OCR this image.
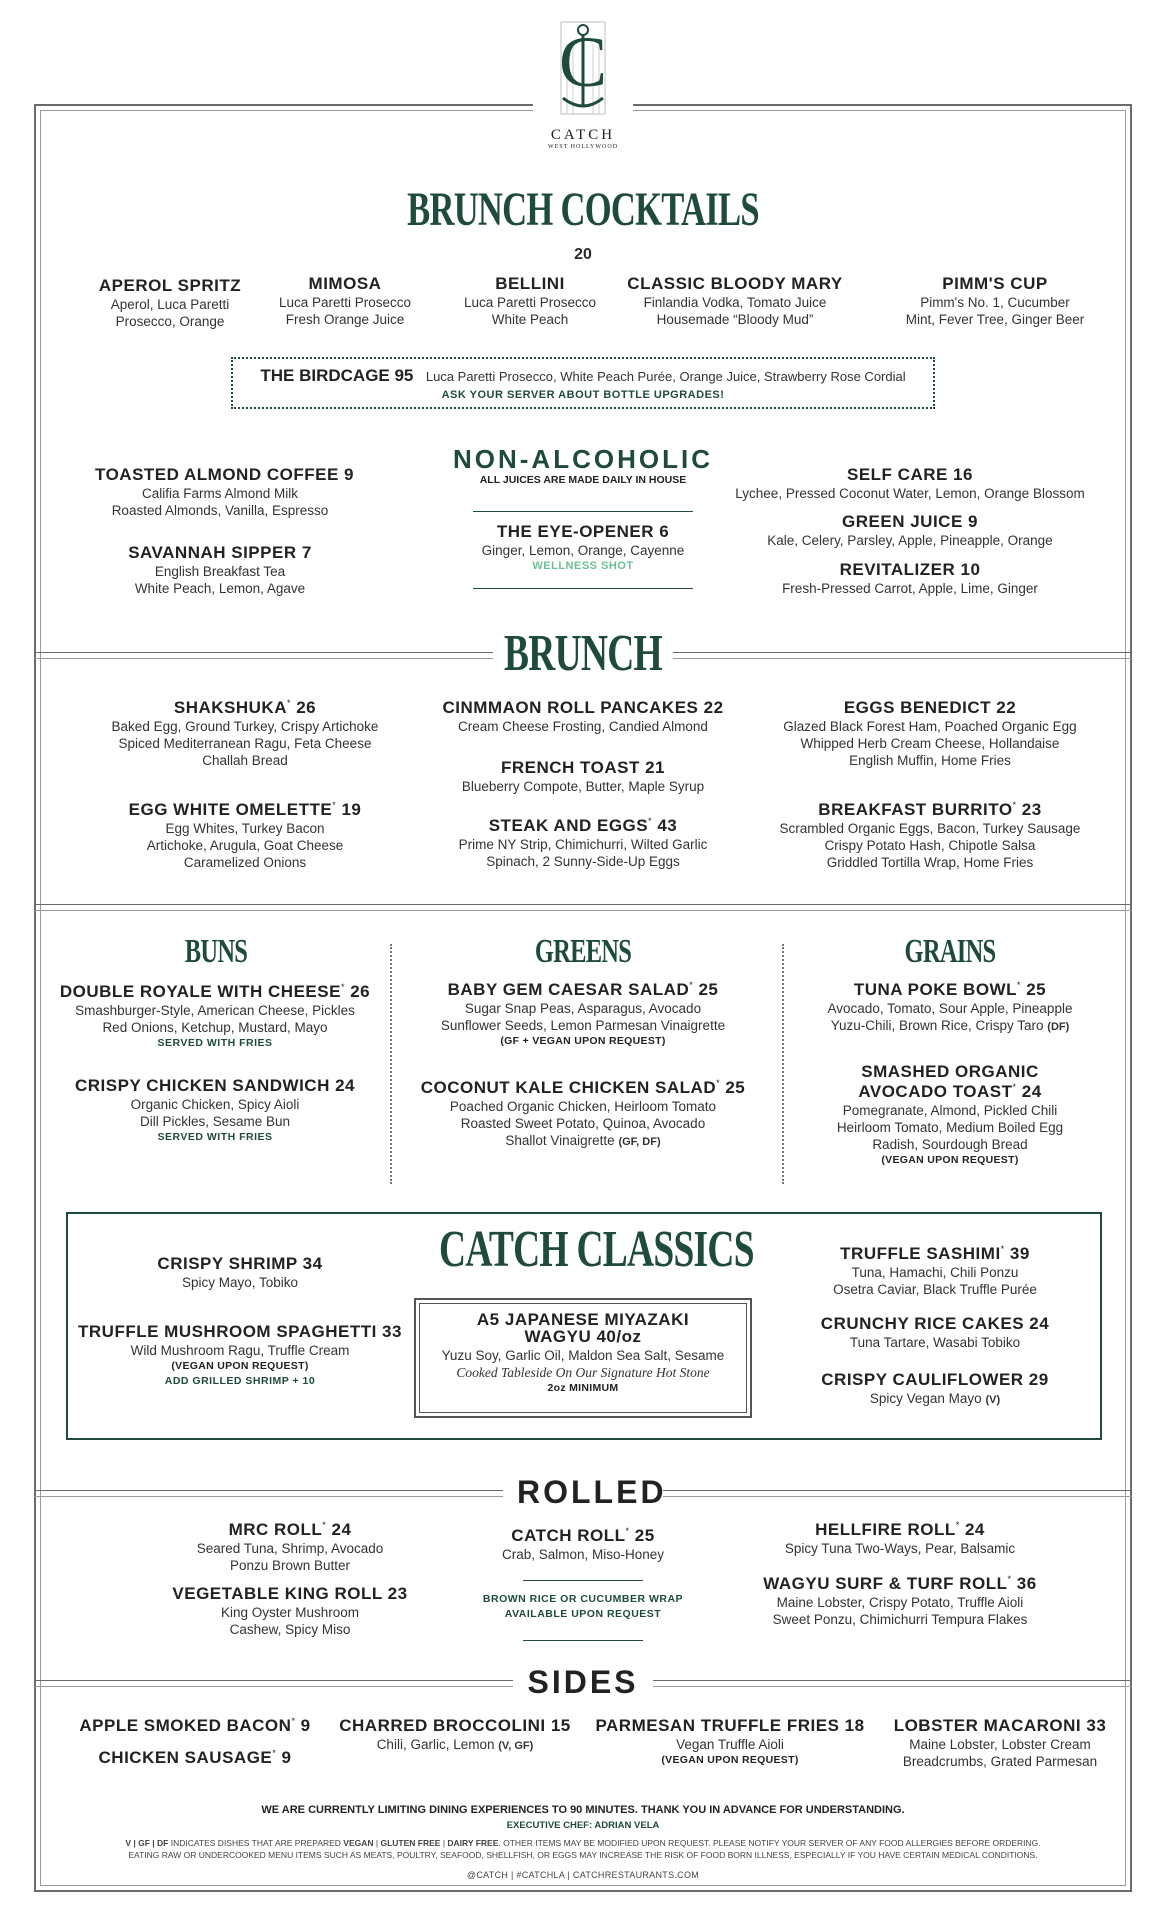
C
CATCH
WEST HOLLYWOOD
BRUNCH COCKTAILS
20
APEROL SPRITZ
Aperol, Luca Paretti
Prosecco, Orange
MIMOSA
Luca Paretti Prosecco
Fresh Orange Juice
BELLINI
Luca Paretti Prosecco
White Peach
CLASSIC BLOODY MARY
Finlandia Vodka, Tomato Juice
Housemade “Bloody Mud”
PIMM'S CUP
Pimm's No. 1, Cucumber
Mint, Fever Tree, Ginger Beer
THE BIRDCAGE 95 Luca Paretti Prosecco, White Peach Purée, Orange Juice, Strawberry Rose Cordial
ASK YOUR SERVER ABOUT BOTTLE UPGRADES!
NON-ALCOHOLIC
ALL JUICES ARE MADE DAILY IN HOUSE
TOASTED ALMOND COFFEE 9
Califia Farms Almond Milk
Roasted Almonds, Vanilla, Espresso
SAVANNAH SIPPER 7
English Breakfast Tea
White Peach, Lemon, Agave
THE EYE-OPENER 6
Ginger, Lemon, Orange, Cayenne
WELLNESS SHOT
SELF CARE 16
Lychee, Pressed Coconut Water, Lemon, Orange Blossom
GREEN JUICE 9
Kale, Celery, Parsley, Apple, Pineapple, Orange
REVITALIZER 10
Fresh-Pressed Carrot, Apple, Lime, Ginger
BRUNCH
SHAKSHUKA* 26
Baked Egg, Ground Turkey, Crispy Artichoke
Spiced Mediterranean Ragu, Feta Cheese
Challah Bread
EGG WHITE OMELETTE* 19
Egg Whites, Turkey Bacon
Artichoke, Arugula, Goat Cheese
Caramelized Onions
CINMMAON ROLL PANCAKES 22
Cream Cheese Frosting, Candied Almond
FRENCH TOAST 21
Blueberry Compote, Butter, Maple Syrup
STEAK AND EGGS* 43
Prime NY Strip, Chimichurri, Wilted Garlic
Spinach, 2 Sunny-Side-Up Eggs
EGGS BENEDICT 22
Glazed Black Forest Ham, Poached Organic Egg
Whipped Herb Cream Cheese, Hollandaise
English Muffin, Home Fries
BREAKFAST BURRITO* 23
Scrambled Organic Eggs, Bacon, Turkey Sausage
Crispy Potato Hash, Chipotle Salsa
Griddled Tortilla Wrap, Home Fries
BUNS	GREENS	GRAINS
DOUBLE ROYALE WITH CHEESE* 26
Smashburger-Style, American Cheese, Pickles
Red Onions, Ketchup, Mustard, Mayo
SERVED WITH FRIES
CRISPY CHICKEN SANDWICH 24
Organic Chicken, Spicy Aioli
Dill Pickles, Sesame Bun
SERVED WITH FRIES
BABY GEM CAESAR SALAD* 25
Sugar Snap Peas, Asparagus, Avocado
Sunflower Seeds, Lemon Parmesan Vinaigrette
(GF + VEGAN UPON REQUEST)
COCONUT KALE CHICKEN SALAD* 25
Poached Organic Chicken, Heirloom Tomato
Roasted Sweet Potato, Quinoa, Avocado
Shallot Vinaigrette (GF, DF)
TUNA POKE BOWL* 25
Avocado, Tomato, Sour Apple, Pineapple
Yuzu-Chili, Brown Rice, Crispy Taro (DF)
SMASHED ORGANIC
AVOCADO TOAST* 24
Pomegranate, Almond, Pickled Chili
Heirloom Tomato, Medium Boiled Egg
Radish, Sourdough Bread
(VEGAN UPON REQUEST)
CATCH CLASSICS
CRISPY SHRIMP 34
Spicy Mayo, Tobiko
TRUFFLE MUSHROOM SPAGHETTI 33
Wild Mushroom Ragu, Truffle Cream
(VEGAN UPON REQUEST)
ADD GRILLED SHRIMP + 10
A5 JAPANESE MIYAZAKI
WAGYU 40/oz
Yuzu Soy, Garlic Oil, Maldon Sea Salt, Sesame
Cooked Tableside On Our Signature Hot Stone
2oz MINIMUM
TRUFFLE SASHIMI* 39
Tuna, Hamachi, Chili Ponzu
Osetra Caviar, Black Truffle Purée
CRUNCHY RICE CAKES 24
Tuna Tartare, Wasabi Tobiko
CRISPY CAULIFLOWER 29
Spicy Vegan Mayo (V)
ROLLED
MRC ROLL* 24
Seared Tuna, Shrimp, Avocado
Ponzu Brown Butter
VEGETABLE KING ROLL 23
King Oyster Mushroom
Cashew, Spicy Miso
CATCH ROLL* 25
Crab, Salmon, Miso-Honey
BROWN RICE OR CUCUMBER WRAP
AVAILABLE UPON REQUEST
HELLFIRE ROLL* 24
Spicy Tuna Two-Ways, Pear, Balsamic
WAGYU SURF & TURF ROLL* 36
Maine Lobster, Crispy Potato, Truffle Aioli
Sweet Ponzu, Chimichurri Tempura Flakes
SIDES
APPLE SMOKED BACON* 9
CHICKEN SAUSAGE* 9
CHARRED BROCCOLINI 15
Chili, Garlic, Lemon (V, GF)
PARMESAN TRUFFLE FRIES 18
Vegan Truffle Aioli
(VEGAN UPON REQUEST)
LOBSTER MACARONI 33
Maine Lobster, Lobster Cream
Breadcrumbs, Grated Parmesan
WE ARE CURRENTLY LIMITING DINING EXPERIENCES TO 90 MINUTES. THANK YOU IN ADVANCE FOR UNDERSTANDING.
EXECUTIVE CHEF: ADRIAN VELA
V | GF | DF INDICATES DISHES THAT ARE PREPARED VEGAN | GLUTEN FREE | DAIRY FREE. OTHER ITEMS MAY BE MODIFIED UPON REQUEST. PLEASE NOTIFY YOUR SERVER OF ANY FOOD ALLERGIES BEFORE ORDERING.
EATING RAW OR UNDERCOOKED MENU ITEMS SUCH AS MEATS, POULTRY, SEAFOOD, SHELLFISH, OR EGGS MAY INCREASE THE RISK OF FOOD BORN ILLNESS, ESPECIALLY IF YOU HAVE CERTAIN MEDICAL CONDITIONS.
@CATCH | #CATCHLA | CATCHRESTAURANTS.COM
